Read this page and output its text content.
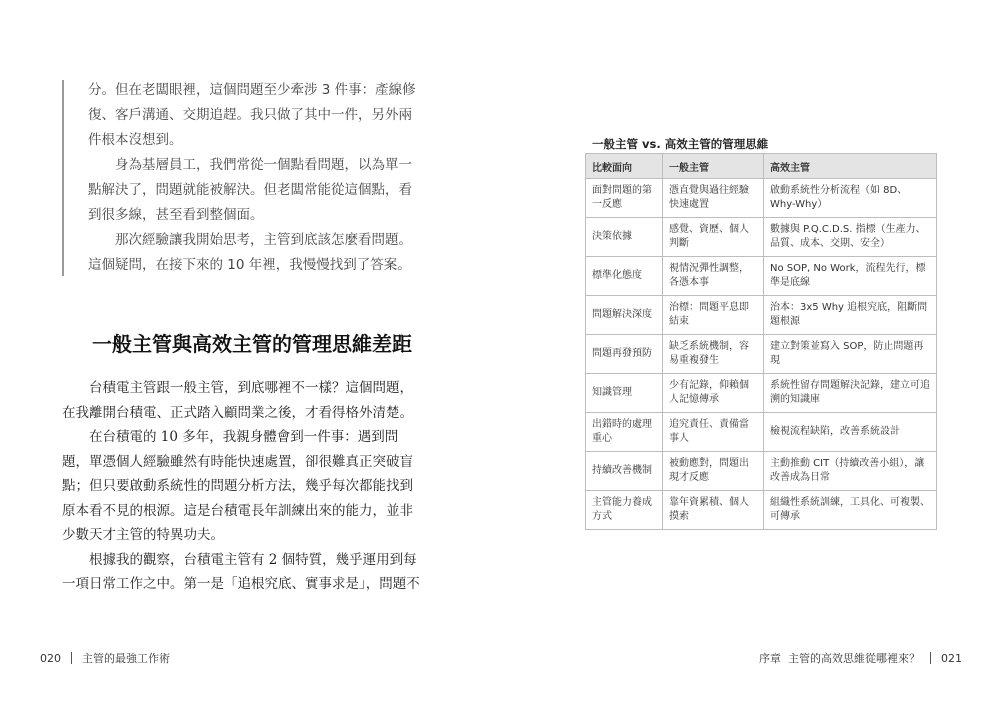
分。但在老闆眼裡，這個問題至少牽涉 3 件事：產線修復、客戶溝通、交期追趕。我只做了其中一件，另外兩件根本沒想到。

身為基層員工，我們常從一個點看問題，以為單一點解決了，問題就能被解決。但老闆常能從這個點，看到很多線，甚至看到整個面。

那次經驗讓我開始思考，主管到底該怎麼看問題。這個疑問，在接下來的 10 年裡，我慢慢找到了答案。

一般主管與高效主管的管理思維差距

台積電主管跟一般主管，到底哪裡不一樣？這個問題，在我離開台積電、正式踏入顧問業之後，才看得格外清楚。

在台積電的 10 多年，我親身體會到一件事：遇到問題，單憑個人經驗雖然有時能快速處置，卻很難真正突破盲點；但只要啟動系統性的問題分析方法，幾乎每次都能找到原本看不見的根源。這是台積電長年訓練出來的能力，並非少數天才主管的特異功夫。

根據我的觀察，台積電主管有 2 個特質，幾乎運用到每一項日常工作之中。第一是「追根究底、實事求是」，問題不

020 主管的最強工作術
一般主管 vs. 高效主管的管理思維
比較面向	一般主管	高效主管
面對問題的第一反應	憑直覺與過往經驗快速處置	啟動系統性分析流程（如 8D、Why-Why）
決策依據	感覺、資歷、個人判斷	數據與 P.Q.C.D.S. 指標（生產力、品質、成本、交期、安全）
標準化態度	視情況彈性調整，各憑本事	No SOP, No Work，流程先行，標準是底線
問題解決深度	治標：問題平息即結束	治本：3x5 Why 追根究底，阻斷問題根源
問題再發預防	缺乏系統機制，容易重複發生	建立對策並寫入 SOP，防止問題再現
知識管理	少有記錄，仰賴個人記憶傳承	系統性留存問題解決記錄，建立可追溯的知識庫
出錯時的處理重心	追究責任、責備當事人	檢視流程缺陷，改善系統設計
持續改善機制	被動應對，問題出現才反應	主動推動 CIT（持續改善小組），讓改善成為日常
主管能力養成方式	靠年資累積、個人摸索	組織性系統訓練，工具化、可複製、可傳承
序章 主管的高效思維從哪裡來？ 021
